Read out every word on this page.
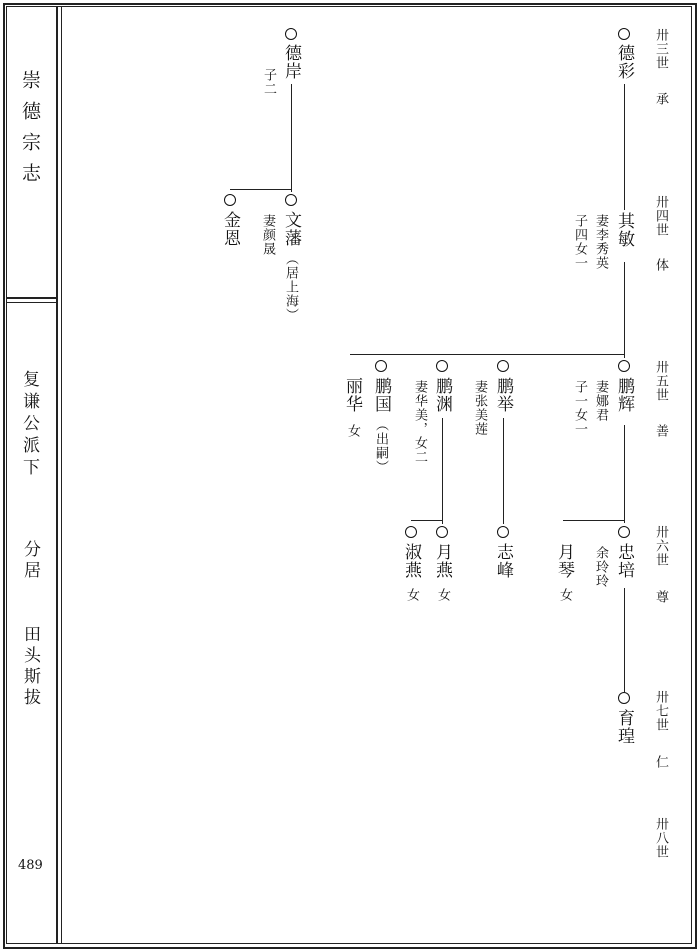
崇德宗志
复谦公派下
分居
田头斯拔
489
卅三世
承
卅四世
体
卅五世
善
卅六世
尊
卅七世
仁
卅八世
德彩
其敏
妻李秀英
子四女一
鹏辉
妻娜君
子一女一
鹏举
妻张美莲
鹏渊
妻华美，女二
鹏国
（出嗣）
丽华
女
忠培
余玲玲
月琴
女
志峰
月燕
女
淑燕
女
育瑝
德岸
子二
文藩
妻颜晟
（居上海）
金恩
